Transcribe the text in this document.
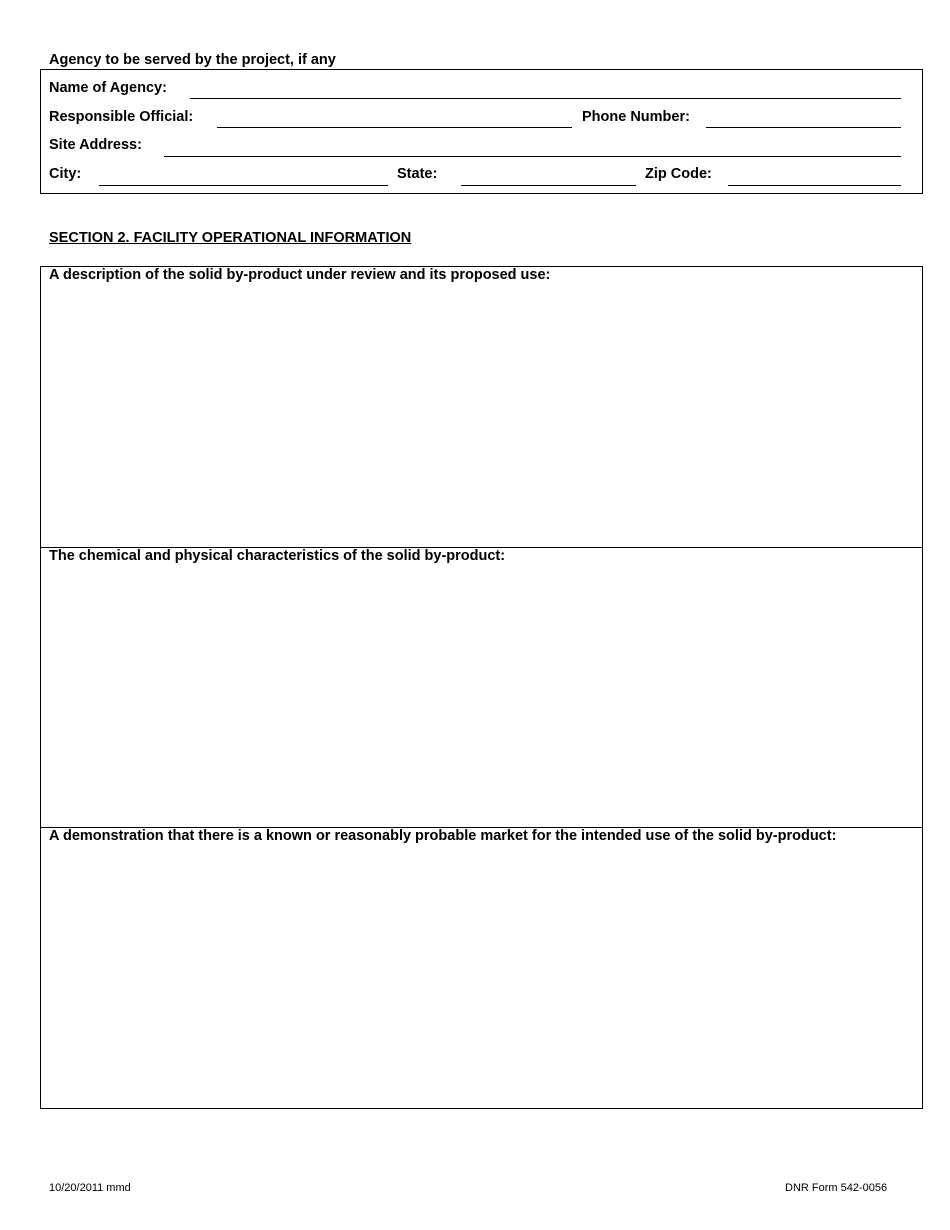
Agency to be served by the project, if any
Name of Agency:
Responsible Official:	Phone Number:
Site Address:
City:	State:	Zip Code:
SECTION 2. FACILITY OPERATIONAL INFORMATION
A description of the solid by-product under review and its proposed use:
The chemical and physical characteristics of the solid by-product:
A demonstration that there is a known or reasonably probable market for the intended use of the solid by-product:
10/20/2011 mmd	DNR Form 542-0056
